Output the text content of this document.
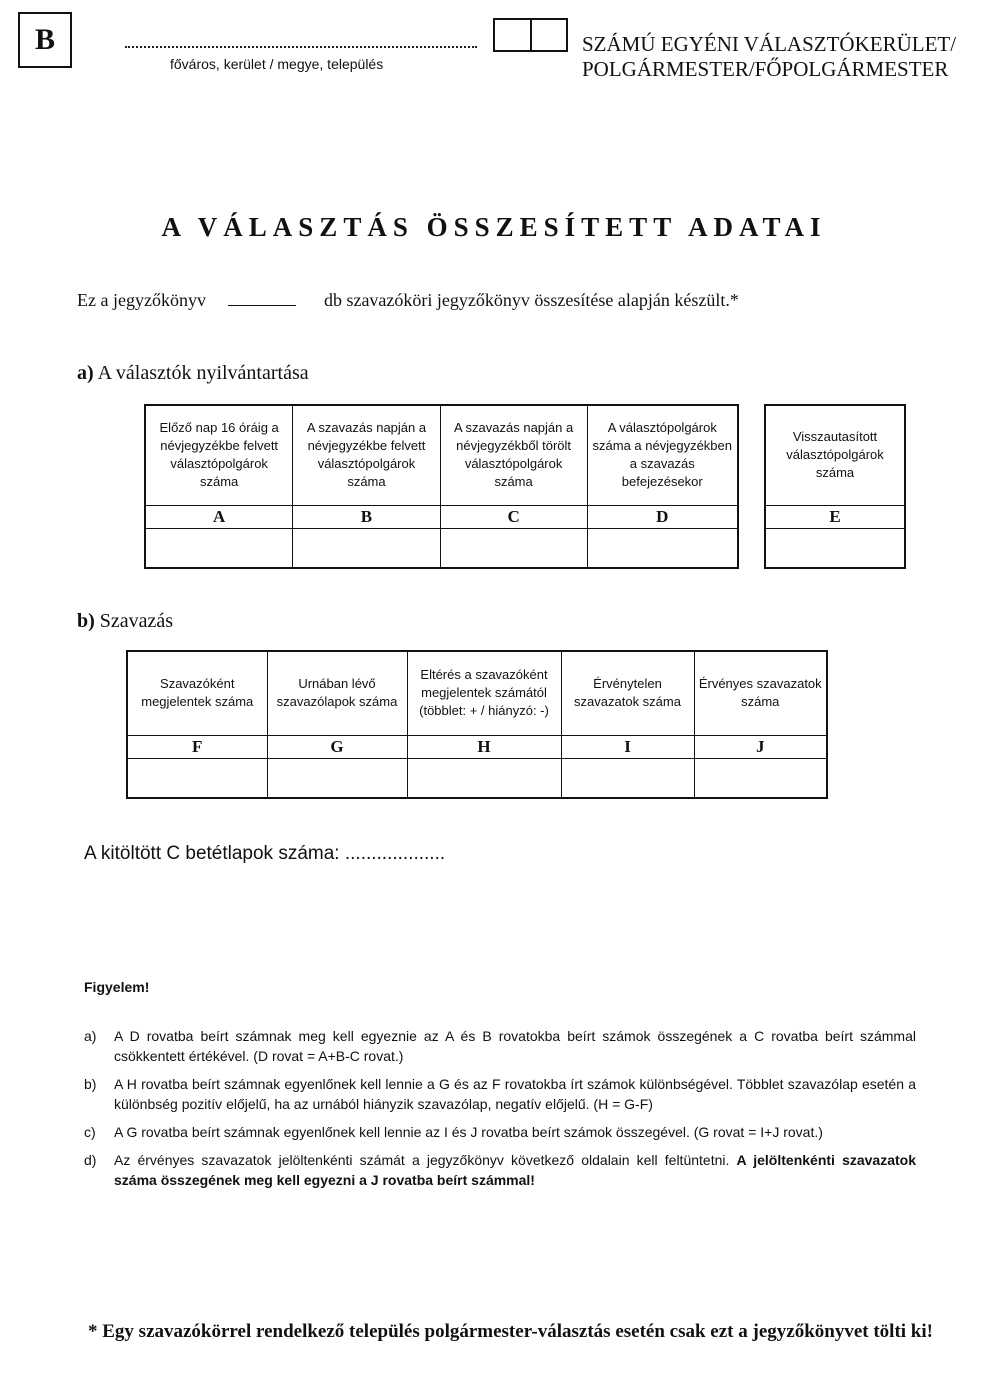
B
főváros, kerület / megye, település
SZÁMÚ EGYÉNI VÁLASZTÓKERÜLET/
POLGÁRMESTER/FŐPOLGÁRMESTER
A VÁLASZTÁS ÖSSZESÍTETT ADATAI
Ez a jegyzőkönyv	db szavazóköri jegyzőkönyv összesítése alapján készült.*
a) A választók nyilvántartása
Előző nap 16 óráig a névjegyzékbe felvett választópolgárok száma	A szavazás napján a névjegyzékbe felvett választópolgárok száma	A szavazás napján a névjegyzékből törölt választópolgárok száma	A választópolgárok száma a névjegyzékben a szavazás befejezésekor
A	B	C	D

Visszautasított választópolgárok száma
E

b) Szavazás
Szavazóként megjelentek száma	Urnában lévő szavazólapok száma	Eltérés a szavazóként megjelentek számától (többlet: + / hiányzó: -)	Érvénytelen szavazatok száma	Érvényes szavazatok száma
F	G	H	I	J

A kitöltött C betétlapok száma: ...................
Figyelem!
a)	A D rovatba beírt számnak meg kell egyeznie az A és B rovatokba beírt számok összegének a C rovatba beírt számmal csökkentett értékével. (D rovat = A+B-C rovat.)
b)	A H rovatba beírt számnak egyenlőnek kell lennie a G és az F rovatokba írt számok különbségével. Többlet szavazólap esetén a különbség pozitív előjelű, ha az urnából hiányzik szavazólap, negatív előjelű. (H = G-F)
c)	A G rovatba beírt számnak egyenlőnek kell lennie az I és J rovatba beírt számok összegével. (G rovat = I+J rovat.)
d)	Az érvényes szavazatok jelöltenkénti számát a jegyzőkönyv következő oldalain kell feltüntetni. A jelöltenkénti szavazatok száma összegének meg kell egyezni a J rovatba beírt számmal!
* Egy szavazókörrel rendelkező település polgármester-választás esetén csak ezt a jegyzőkönyvet tölti ki!
